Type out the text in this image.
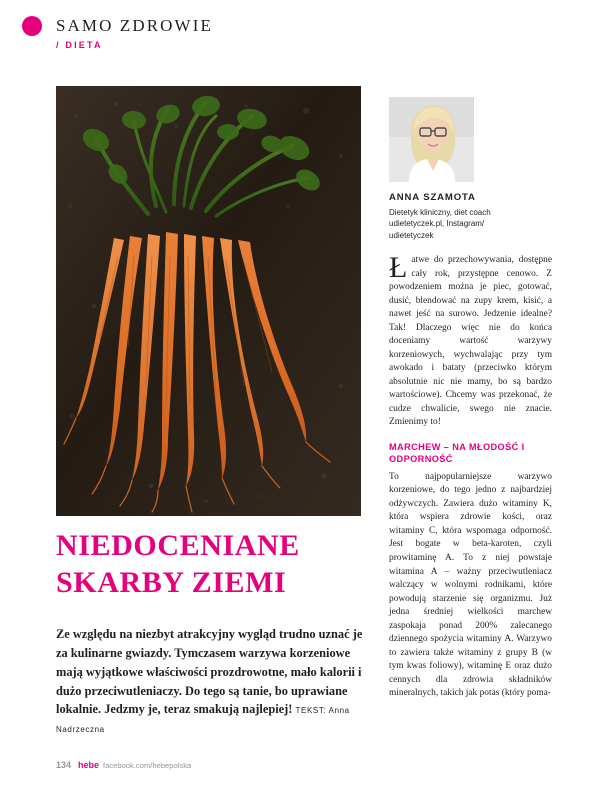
SAMO ZDROWIE
/ DIETA
NIEDOCENIANE
SKARBY ZIEMI

Ze względu na niezbyt atrakcyjny wygląd trudno uznać je za kulinarne gwiazdy. Tymczasem warzywa korzeniowe mają wyjątkowe właściwości prozdrowotne, mało kalorii i dużo przeciwutleniaczy. Do tego są tanie, bo uprawiane lokalnie. Jedzmy je, teraz smakują najlepiej! TEKST: Anna Nadrzeczna

ANNA SZAMOTA
Dietetyk kliniczny, diet coach udietetyczek.pl, Instagram/ udietetyczek

Łatwe do przechowywania, dostępne cały rok, przystępne cenowo. Z powodzeniem można je piec, gotować, dusić, blendować na zupy krem, kisić, a nawet jeść na surowo. Jedzenie idealne? Tak! Dlaczego więc nie do końca doceniamy wartość warzywy korzeniowych, wychwalając przy tym awokado i bataty (przeciwko którym absolutnie nic nie mamy, bo są bardzo wartościowe). Chcemy was przekonać, że cudze chwalicie, swego nie znacie. Zmienimy to!

MARCHEW – NA MŁODOŚĆ I ODPORNOŚĆ

To najpopularniejsze warzywo korzeniowe, do tego jedno z najbardziej odżywczych. Zawiera dużo witaminy K, która wspiera zdrowie kości, oraz witaminy C, która wspomaga odporność. Jest bogate w beta-karoten, czyli prowitaminę A. To z niej powstaje witamina A – ważny przeciwutleniacz walczący w wolnymi rodnikami, które powodują starzenie się organizmu. Już jedna średniej wielkości marchew zaspokaja ponad 200% zalecanego dziennego spożycia witaminy A. Warzywo to zawiera także witaminy z grupy B (w tym kwas foliowy), witaminę E oraz dużo cennych dla zdrowia składników mineralnych, takich jak potas (który poma-

134 hebe facebook.com/hebepolska
